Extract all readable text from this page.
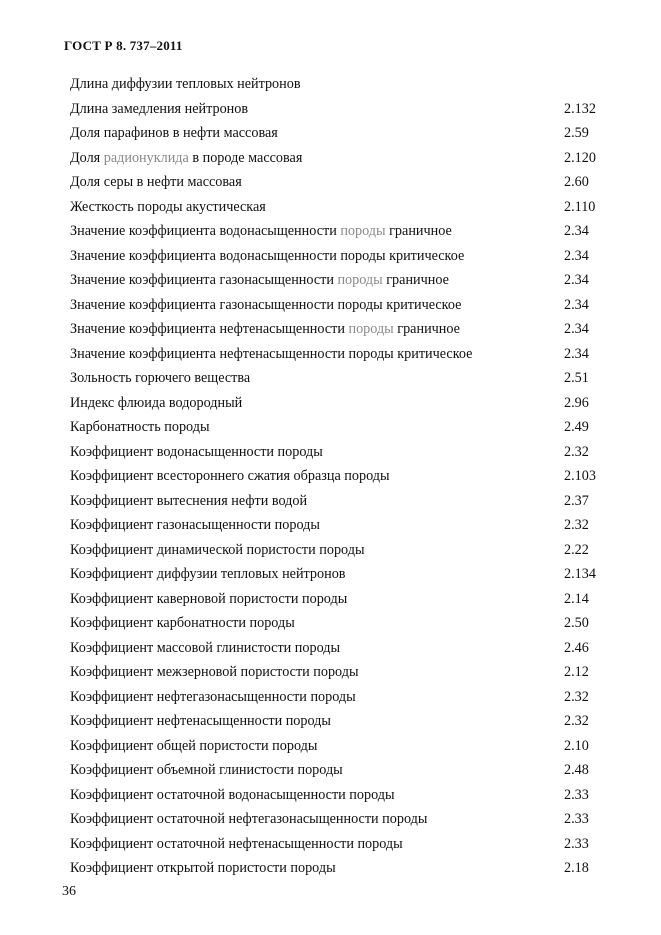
ГОСТ Р 8. 737–2011
Длина диффузии тепловых нейтронов
Длина замедления нейтронов	2.132
Доля парафинов в нефти массовая	2.59
Доля радионуклида в породе массовая	2.120
Доля серы в нефти массовая	2.60
Жесткость породы акустическая	2.110
Значение коэффициента водонасыщенности породы граничное	2.34
Значение коэффициента водонасыщенности породы критическое	2.34
Значение коэффициента газонасыщенности породы граничное	2.34
Значение коэффициента газонасыщенности породы критическое	2.34
Значение коэффициента нефтенасыщенности породы граничное	2.34
Значение коэффициента нефтенасыщенности породы критическое	2.34
Зольность горючего вещества	2.51
Индекс флюида водородный	2.96
Карбонатность породы	2.49
Коэффициент водонасыщенности породы	2.32
Коэффициент всестороннего сжатия образца породы	2.103
Коэффициент вытеснения нефти водой	2.37
Коэффициент газонасыщенности породы	2.32
Коэффициент динамической пористости породы	2.22
Коэффициент диффузии тепловых нейтронов	2.134
Коэффициент каверновой пористости породы	2.14
Коэффициент карбонатности породы	2.50
Коэффициент массовой глинистости породы	2.46
Коэффициент межзерновой пористости породы	2.12
Коэффициент нефтегазонасыщенности породы	2.32
Коэффициент нефтенасыщенности породы	2.32
Коэффициент общей пористости породы	2.10
Коэффициент объемной глинистости породы	2.48
Коэффициент остаточной водонасыщенности породы	2.33
Коэффициент остаточной нефтегазонасыщенности породы	2.33
Коэффициент остаточной нефтенасыщенности породы	2.33
Коэффициент открытой пористости породы	2.18
36
